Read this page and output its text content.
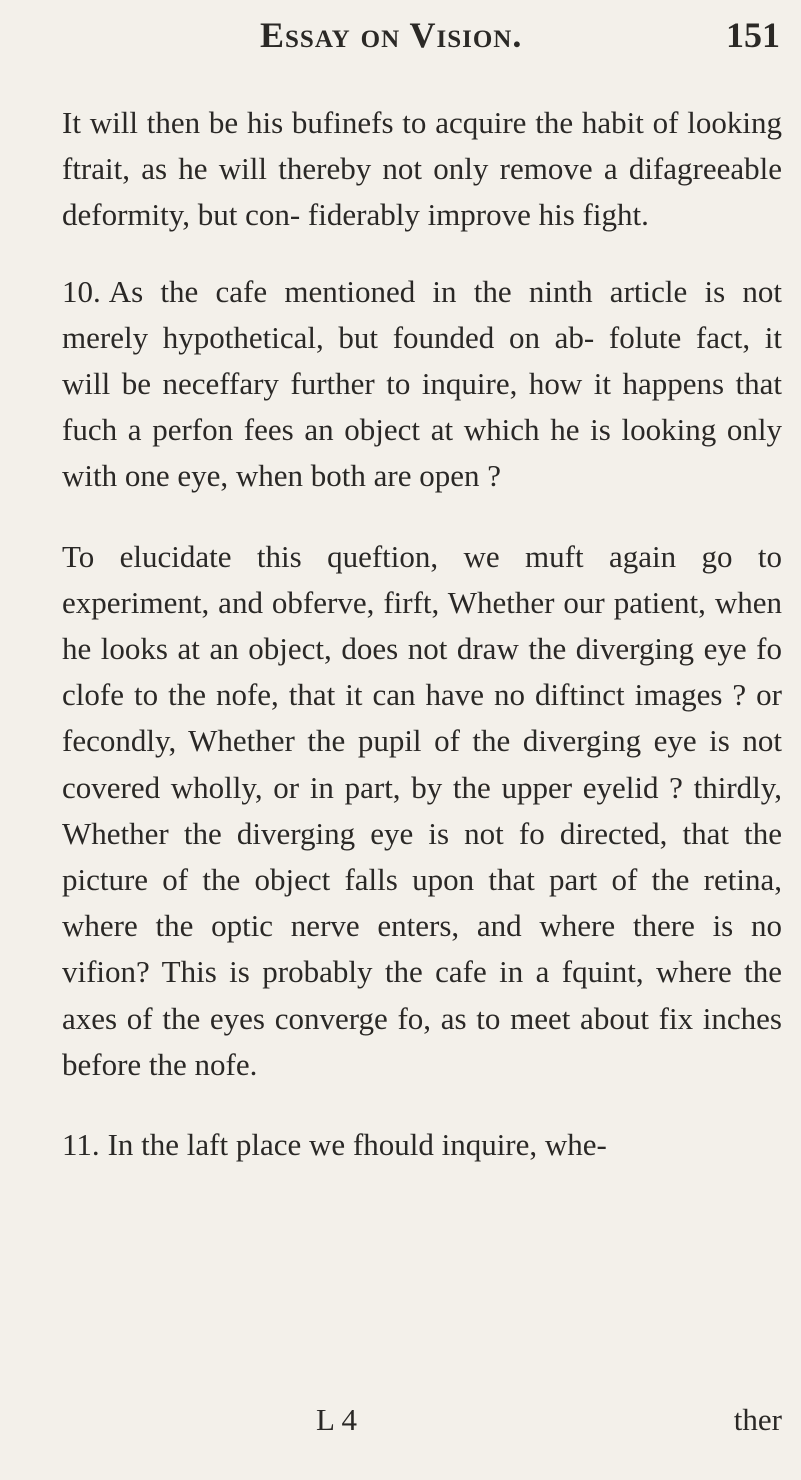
Essay on Vision.	151

It will then be his bufinefs to acquire the habit of looking ftrait, as he will thereby not only remove a difagreeable deformity, but con- fiderably improve his fight.

10. As the cafe mentioned in the ninth article is not merely hypothetical, but founded on ab- folute fact, it will be neceffary further to inquire, how it happens that fuch a perfon fees an object at which he is looking only with one eye, when both are open ?

To elucidate this queftion, we muft again go to experiment, and obferve, firft, Whether our patient, when he looks at an object, does not draw the diverging eye fo clofe to the nofe, that it can have no diftinct images ? or fecondly, Whether the pupil of the diverging eye is not covered wholly, or in part, by the upper eyelid ? thirdly, Whether the diverging eye is not fo directed, that the picture of the object falls upon that part of the retina, where the optic nerve enters, and where there is no vifion? This is probably the cafe in a fquint, where the axes of the eyes converge fo, as to meet about fix inches before the nofe.

11. In the laft place we fhould inquire, whe-

L 4	ther
